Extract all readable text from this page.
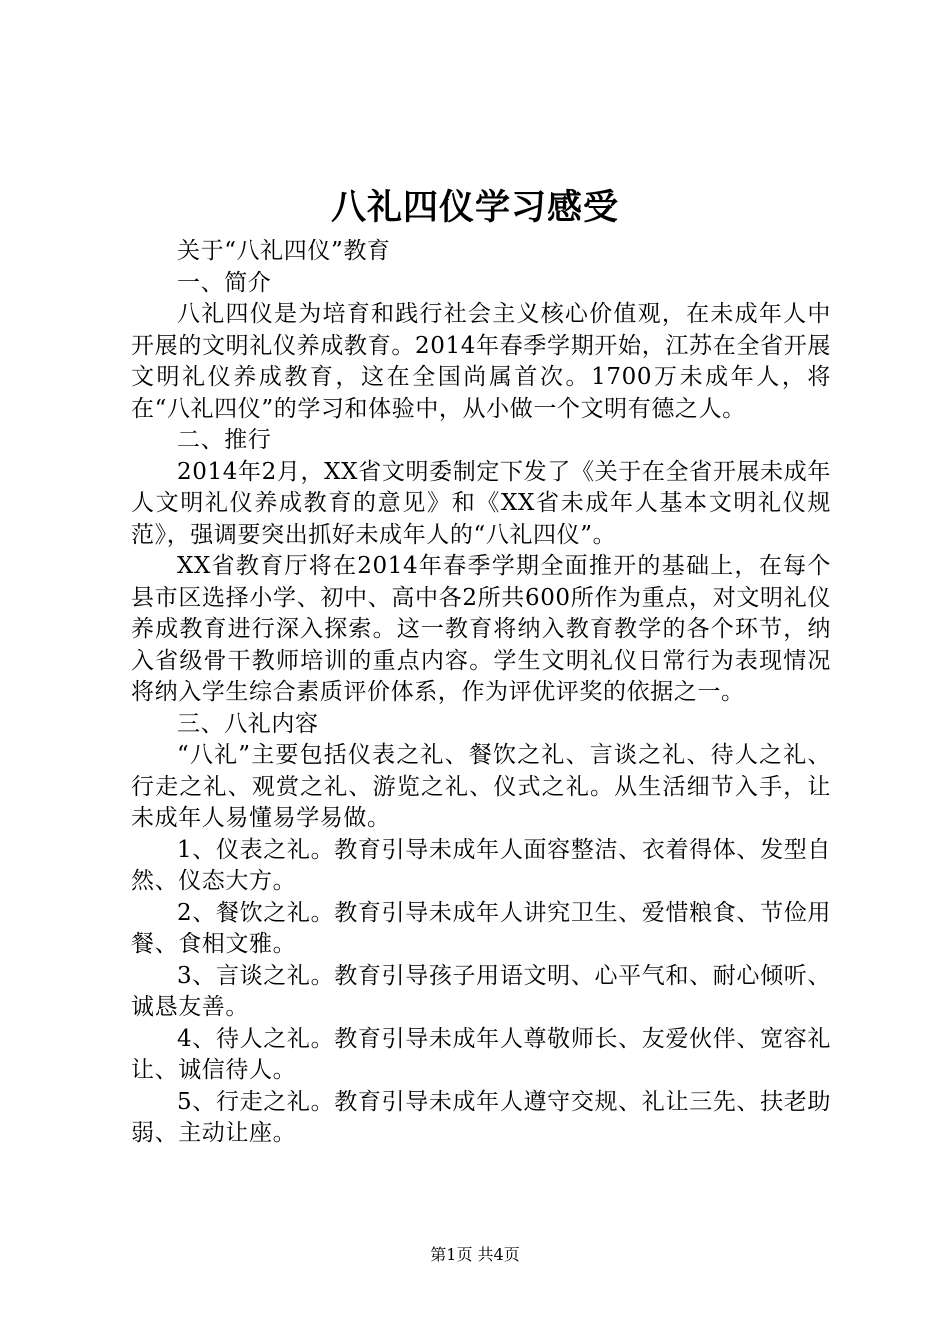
八礼四仪学习感受

关于“八礼四仪”教育

一、简介

八礼四仪是为培育和践行社会主义核心价值观，在未成年人中开展的文明礼仪养成教育。2014年春季学期开始，江苏在全省开展文明礼仪养成教育，这在全国尚属首次。1700万未成年人，将在“八礼四仪”的学习和体验中，从小做一个文明有德之人。

二、推行

2014年2月，XX省文明委制定下发了《关于在全省开展未成年人文明礼仪养成教育的意见》和《XX省未成年人基本文明礼仪规范》，强调要突出抓好未成年人的“八礼四仪”。

XX省教育厅将在2014年春季学期全面推开的基础上，在每个县市区选择小学、初中、高中各2所共600所作为重点，对文明礼仪养成教育进行深入探索。这一教育将纳入教育教学的各个环节，纳入省级骨干教师培训的重点内容。学生文明礼仪日常行为表现情况将纳入学生综合素质评价体系，作为评优评奖的依据之一。

三、八礼内容

“八礼”主要包括仪表之礼、餐饮之礼、言谈之礼、待人之礼、行走之礼、观赏之礼、游览之礼、仪式之礼。从生活细节入手，让未成年人易懂易学易做。

1、仪表之礼。教育引导未成年人面容整洁、衣着得体、发型自然、仪态大方。

2、餐饮之礼。教育引导未成年人讲究卫生、爱惜粮食、节俭用餐、食相文雅。

3、言谈之礼。教育引导孩子用语文明、心平气和、耐心倾听、诚恳友善。

4、待人之礼。教育引导未成年人尊敬师长、友爱伙伴、宽容礼让、诚信待人。

5、行走之礼。教育引导未成年人遵守交规、礼让三先、扶老助弱、主动让座。

第1页 共4页
